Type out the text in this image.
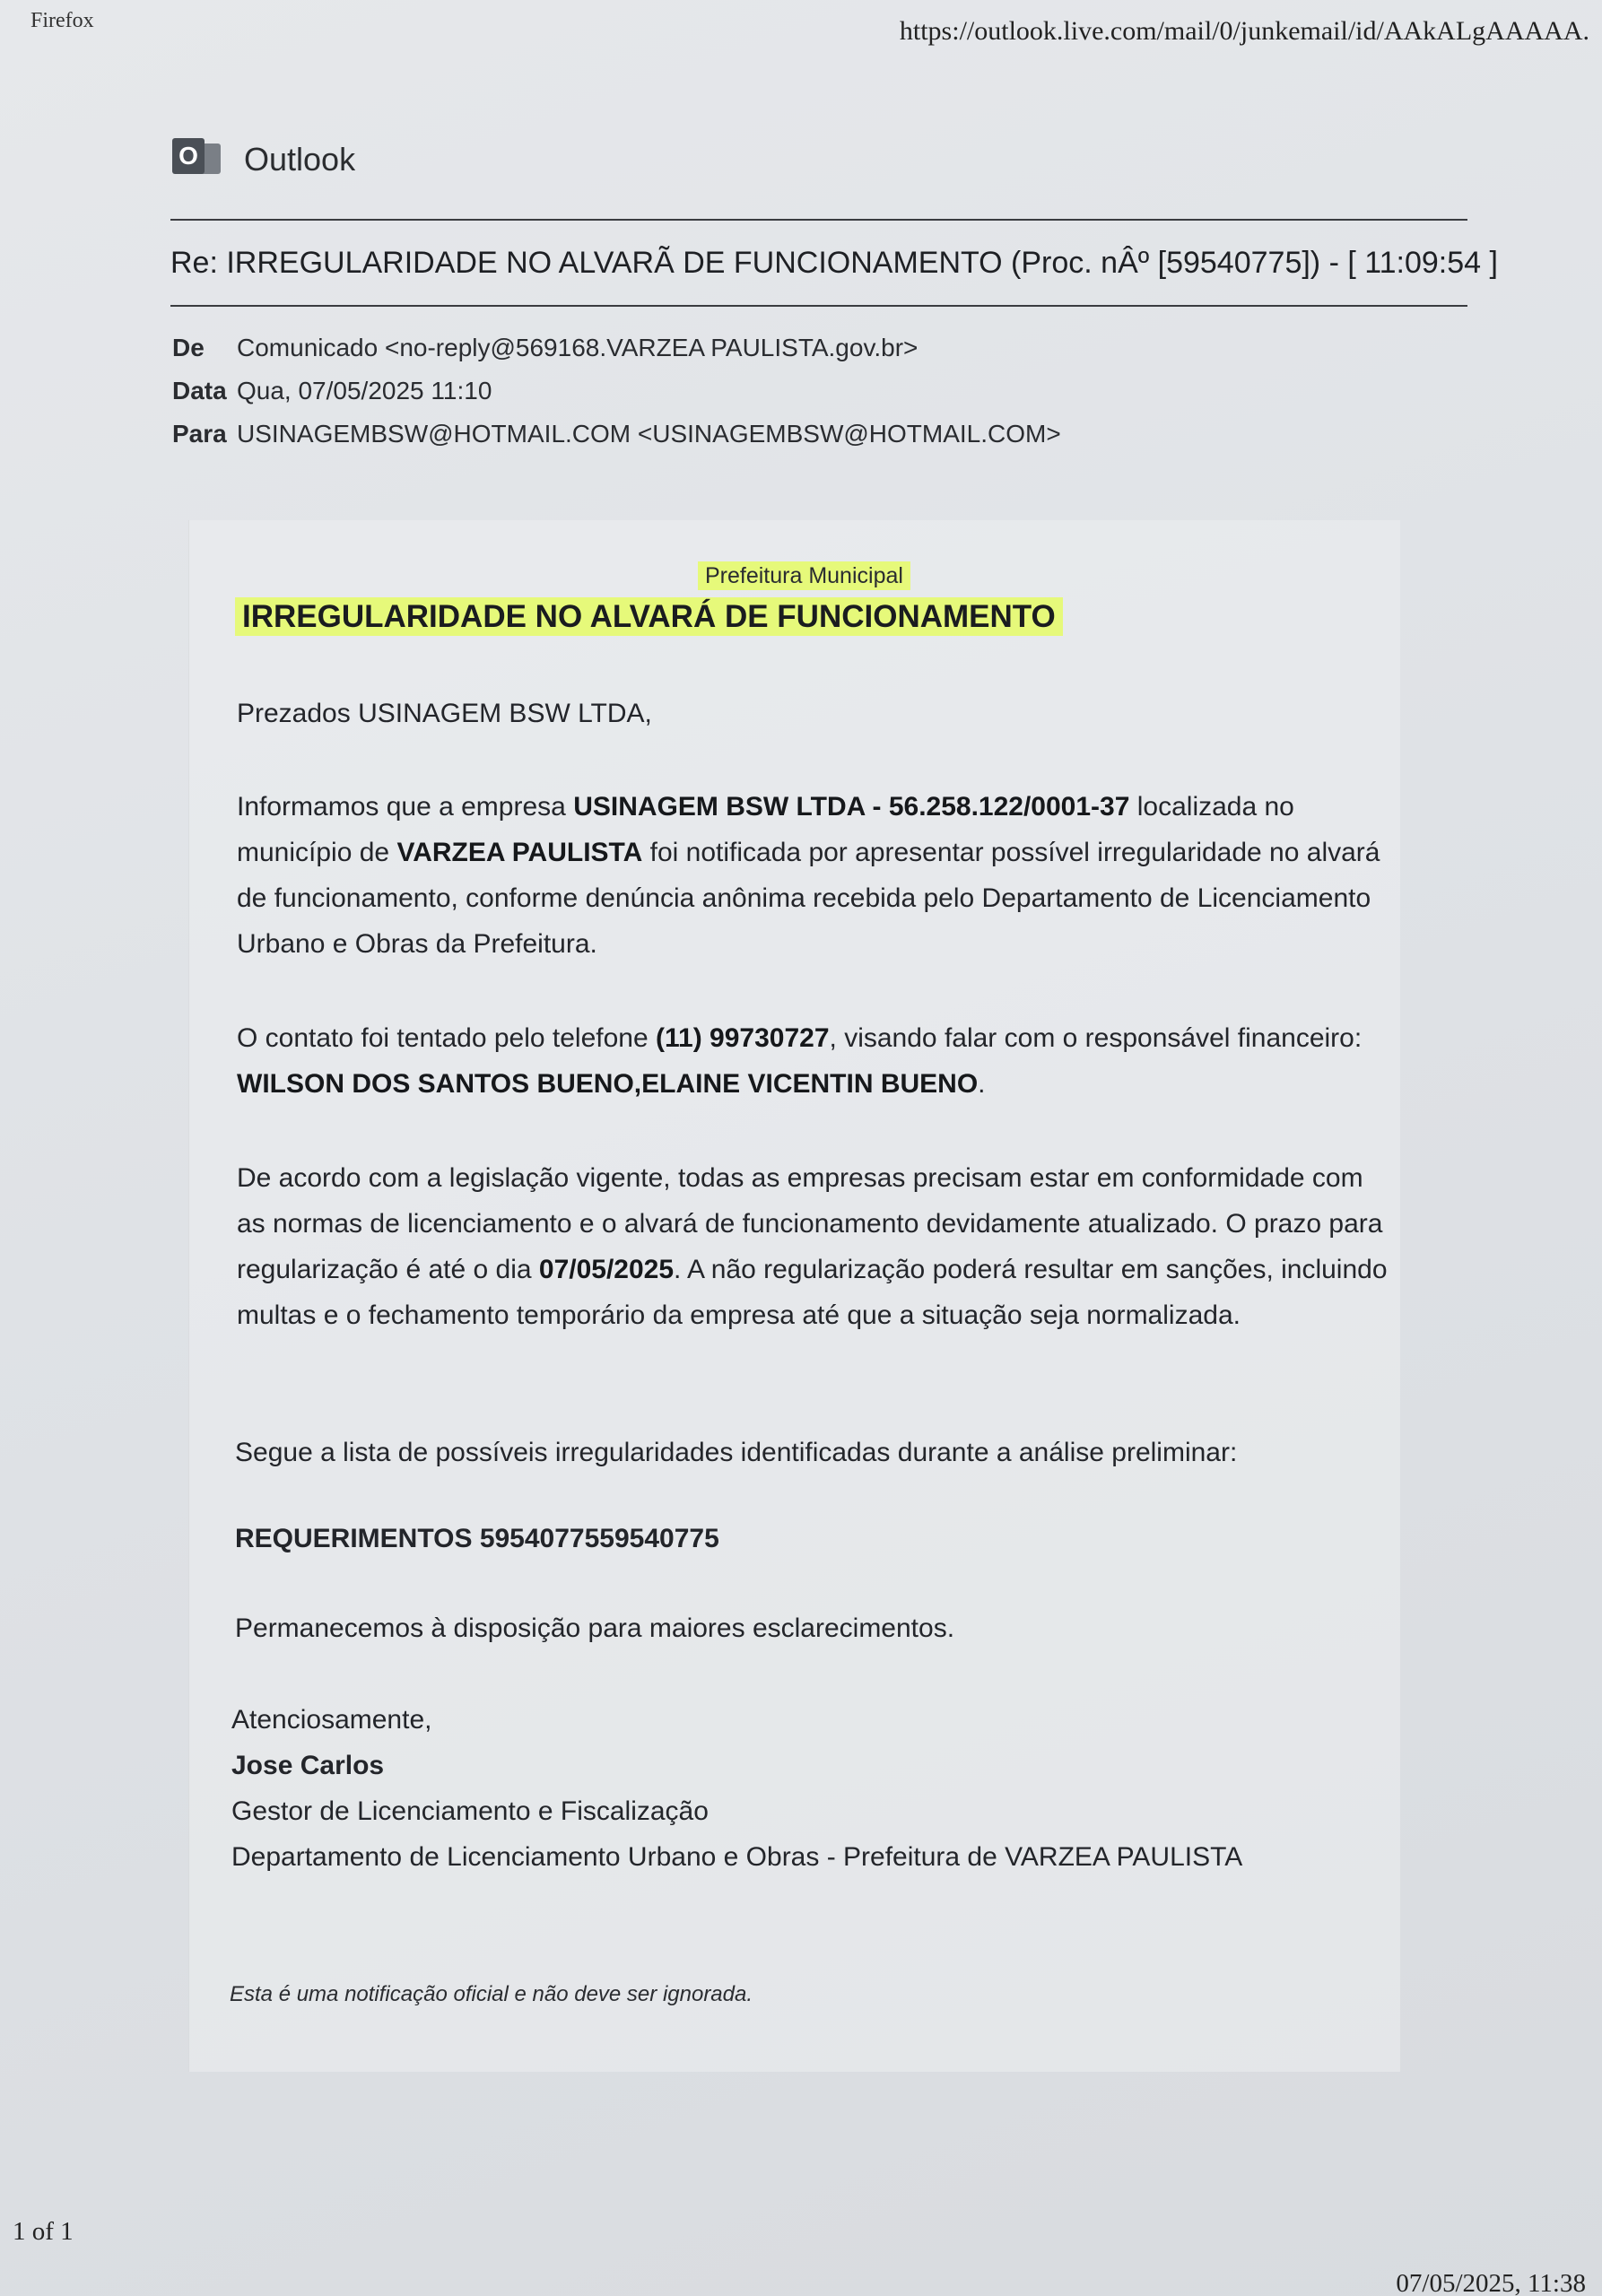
Firefox	https://outlook.live.com/mail/0/junkemail/id/AAkALgAAAAA.
O Outlook
Re: IRREGULARIDADE NO ALVARÃ DE FUNCIONAMENTO (Proc. nÂº [59540775]) - [ 11:09:54 ]
De Comunicado <no-reply@569168.VARZEA PAULISTA.gov.br>
Data Qua, 07/05/2025 11:10
Para USINAGEMBSW@HOTMAIL.COM <USINAGEMBSW@HOTMAIL.COM>
Prefeitura Municipal
IRREGULARIDADE NO ALVARÁ DE FUNCIONAMENTO
Prezados USINAGEM BSW LTDA,
Informamos que a empresa USINAGEM BSW LTDA - 56.258.122/0001-37 localizada no município de VARZEA PAULISTA foi notificada por apresentar possível irregularidade no alvará de funcionamento, conforme denúncia anônima recebida pelo Departamento de Licenciamento Urbano e Obras da Prefeitura.
O contato foi tentado pelo telefone (11) 99730727, visando falar com o responsável financeiro: WILSON DOS SANTOS BUENO,ELAINE VICENTIN BUENO.
De acordo com a legislação vigente, todas as empresas precisam estar em conformidade com as normas de licenciamento e o alvará de funcionamento devidamente atualizado. O prazo para regularização é até o dia 07/05/2025. A não regularização poderá resultar em sanções, incluindo multas e o fechamento temporário da empresa até que a situação seja normalizada.
Segue a lista de possíveis irregularidades identificadas durante a análise preliminar:
REQUERIMENTOS 5954077559540775
Permanecemos à disposição para maiores esclarecimentos.
Atenciosamente,
Jose Carlos
Gestor de Licenciamento e Fiscalização
Departamento de Licenciamento Urbano e Obras - Prefeitura de VARZEA PAULISTA
Esta é uma notificação oficial e não deve ser ignorada.
1 of 1
07/05/2025, 11:38
